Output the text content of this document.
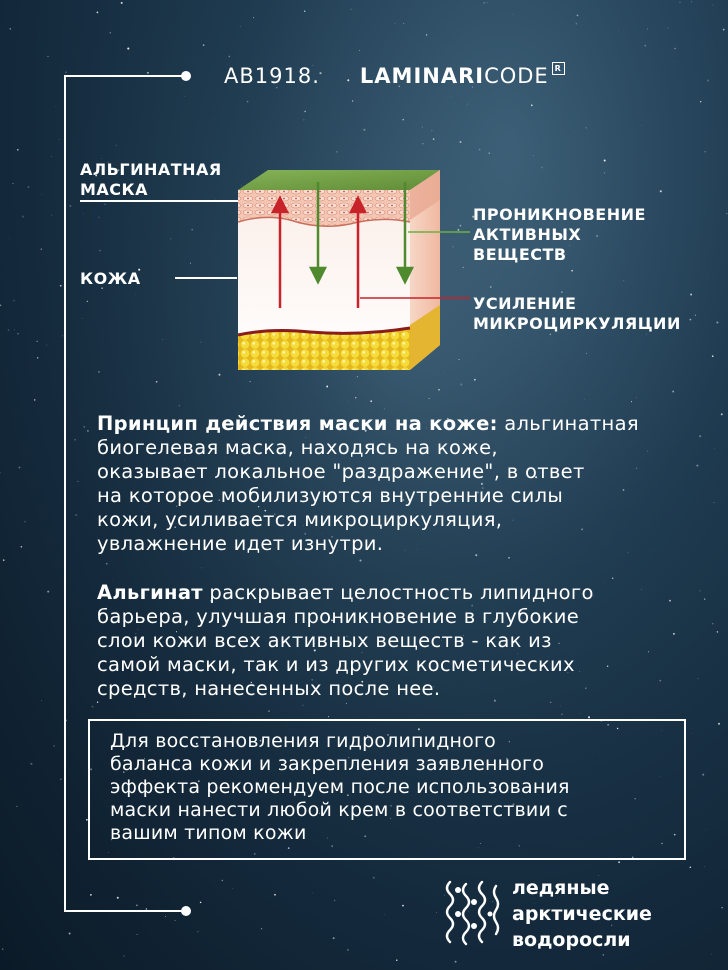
AB1918. LAMINARICODE R
АЛЬГИНАТНАЯ
МАСКА
КОЖА
ПРОНИКНОВЕНИЕ
АКТИВНЫХ
ВЕЩЕСТВ
УСИЛЕНИЕ
МИКРОЦИРКУЛЯЦИИ
Принцип действия маски на коже: альгинатная
биогелевая маска, находясь на коже,
оказывает локальное "раздражение", в ответ
на которое мобилизуются внутренние силы
кожи, усиливается микроциркуляция,
увлажнение идет изнутри.
Альгинат раскрывает целостность липидного
барьера, улучшая проникновение в глубокие
слои кожи всех активных веществ - как из
самой маски, так и из других косметических
средств, нанесенных после нее.
Для восстановления гидролипидного
баланса кожи и закрепления заявленного
эффекта рекомендуем после использования
маски нанести любой крем в соответствии с
вашим типом кожи
ледяные
арктические
водоросли
